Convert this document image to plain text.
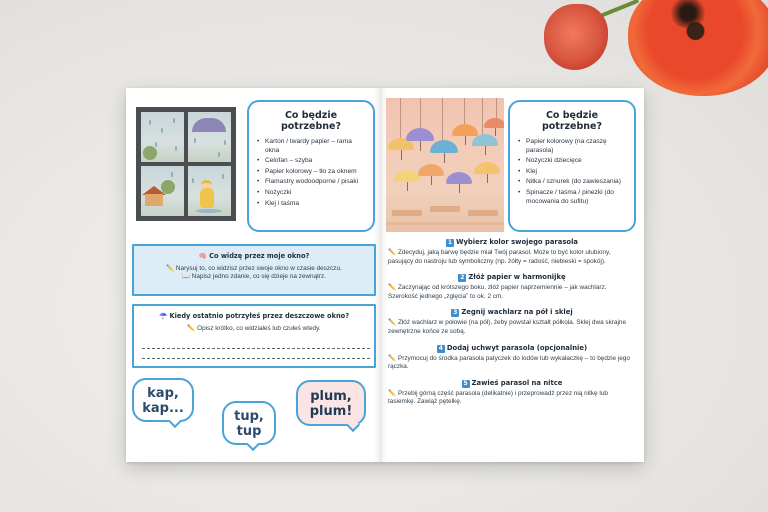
Co będzie potrzebne?
• Karton / twardy papier – rama okna
• Celofan – szyba
• Papier kolorowy – tło za oknem
• Flamastry wodoodporne / pisaki
• Nożyczki
• Klej i taśma
Co będzie potrzebne?
• Papier kolorowy (na czaszę parasola)
• Nożyczki dziecięce
• Klej
• Nitka / sznurek (do zawieszania)
• Spinacze / taśma / pinezki (do mocowania do sufitu)
🧠 Co widzę przez moje okno?
✏️ Narysuj to, co widzisz przez swoje okno w czasie deszczu.
📖 Napisz jedno zdanie, co się dzieje na zewnątrz.
☂️ Kiedy ostatnio potrzyłeś przez deszczowe okno?
✏️ Opisz krótko, co widziałeś lub czułeś wtedy.
kap, kap...
tup, tup
plum, plum!
1 Wybierz kolor swojego parasola
✏️ Zdecyduj, jaką barwę będzie miał Twój parasol. Może to być kolor ulubiony, pasujący do nastroju lub symboliczny (np. żółty = radość, niebieski = spokój).
2 Złóż papier w harmonijkę
✏️ Zaczynając od krótszego boku, złóż papier naprzemiennie – jak wachlarz. Szerokość jednego „zgięcia” to ok. 2 cm.
3 Zegnij wachlarz na pół i sklej
✏️ Złóż wachlarz w połowie (na pół), żeby powstał kształt półkola. Sklej dwa skrajne zewnętrzne końce ze sobą.
4 Dodaj uchwyt parasola (opcjonalnie)
✏️ Przymocuj do środka parasola patyczek do lodów lub wykałaczkę – to będzie jego rączka.
5 Zawieś parasol na nitce
✏️ Przebij górną część parasola (delikatnie) i przeprowadź przez nią nitkę lub tasiemkę. Zawiąż pętelkę.
